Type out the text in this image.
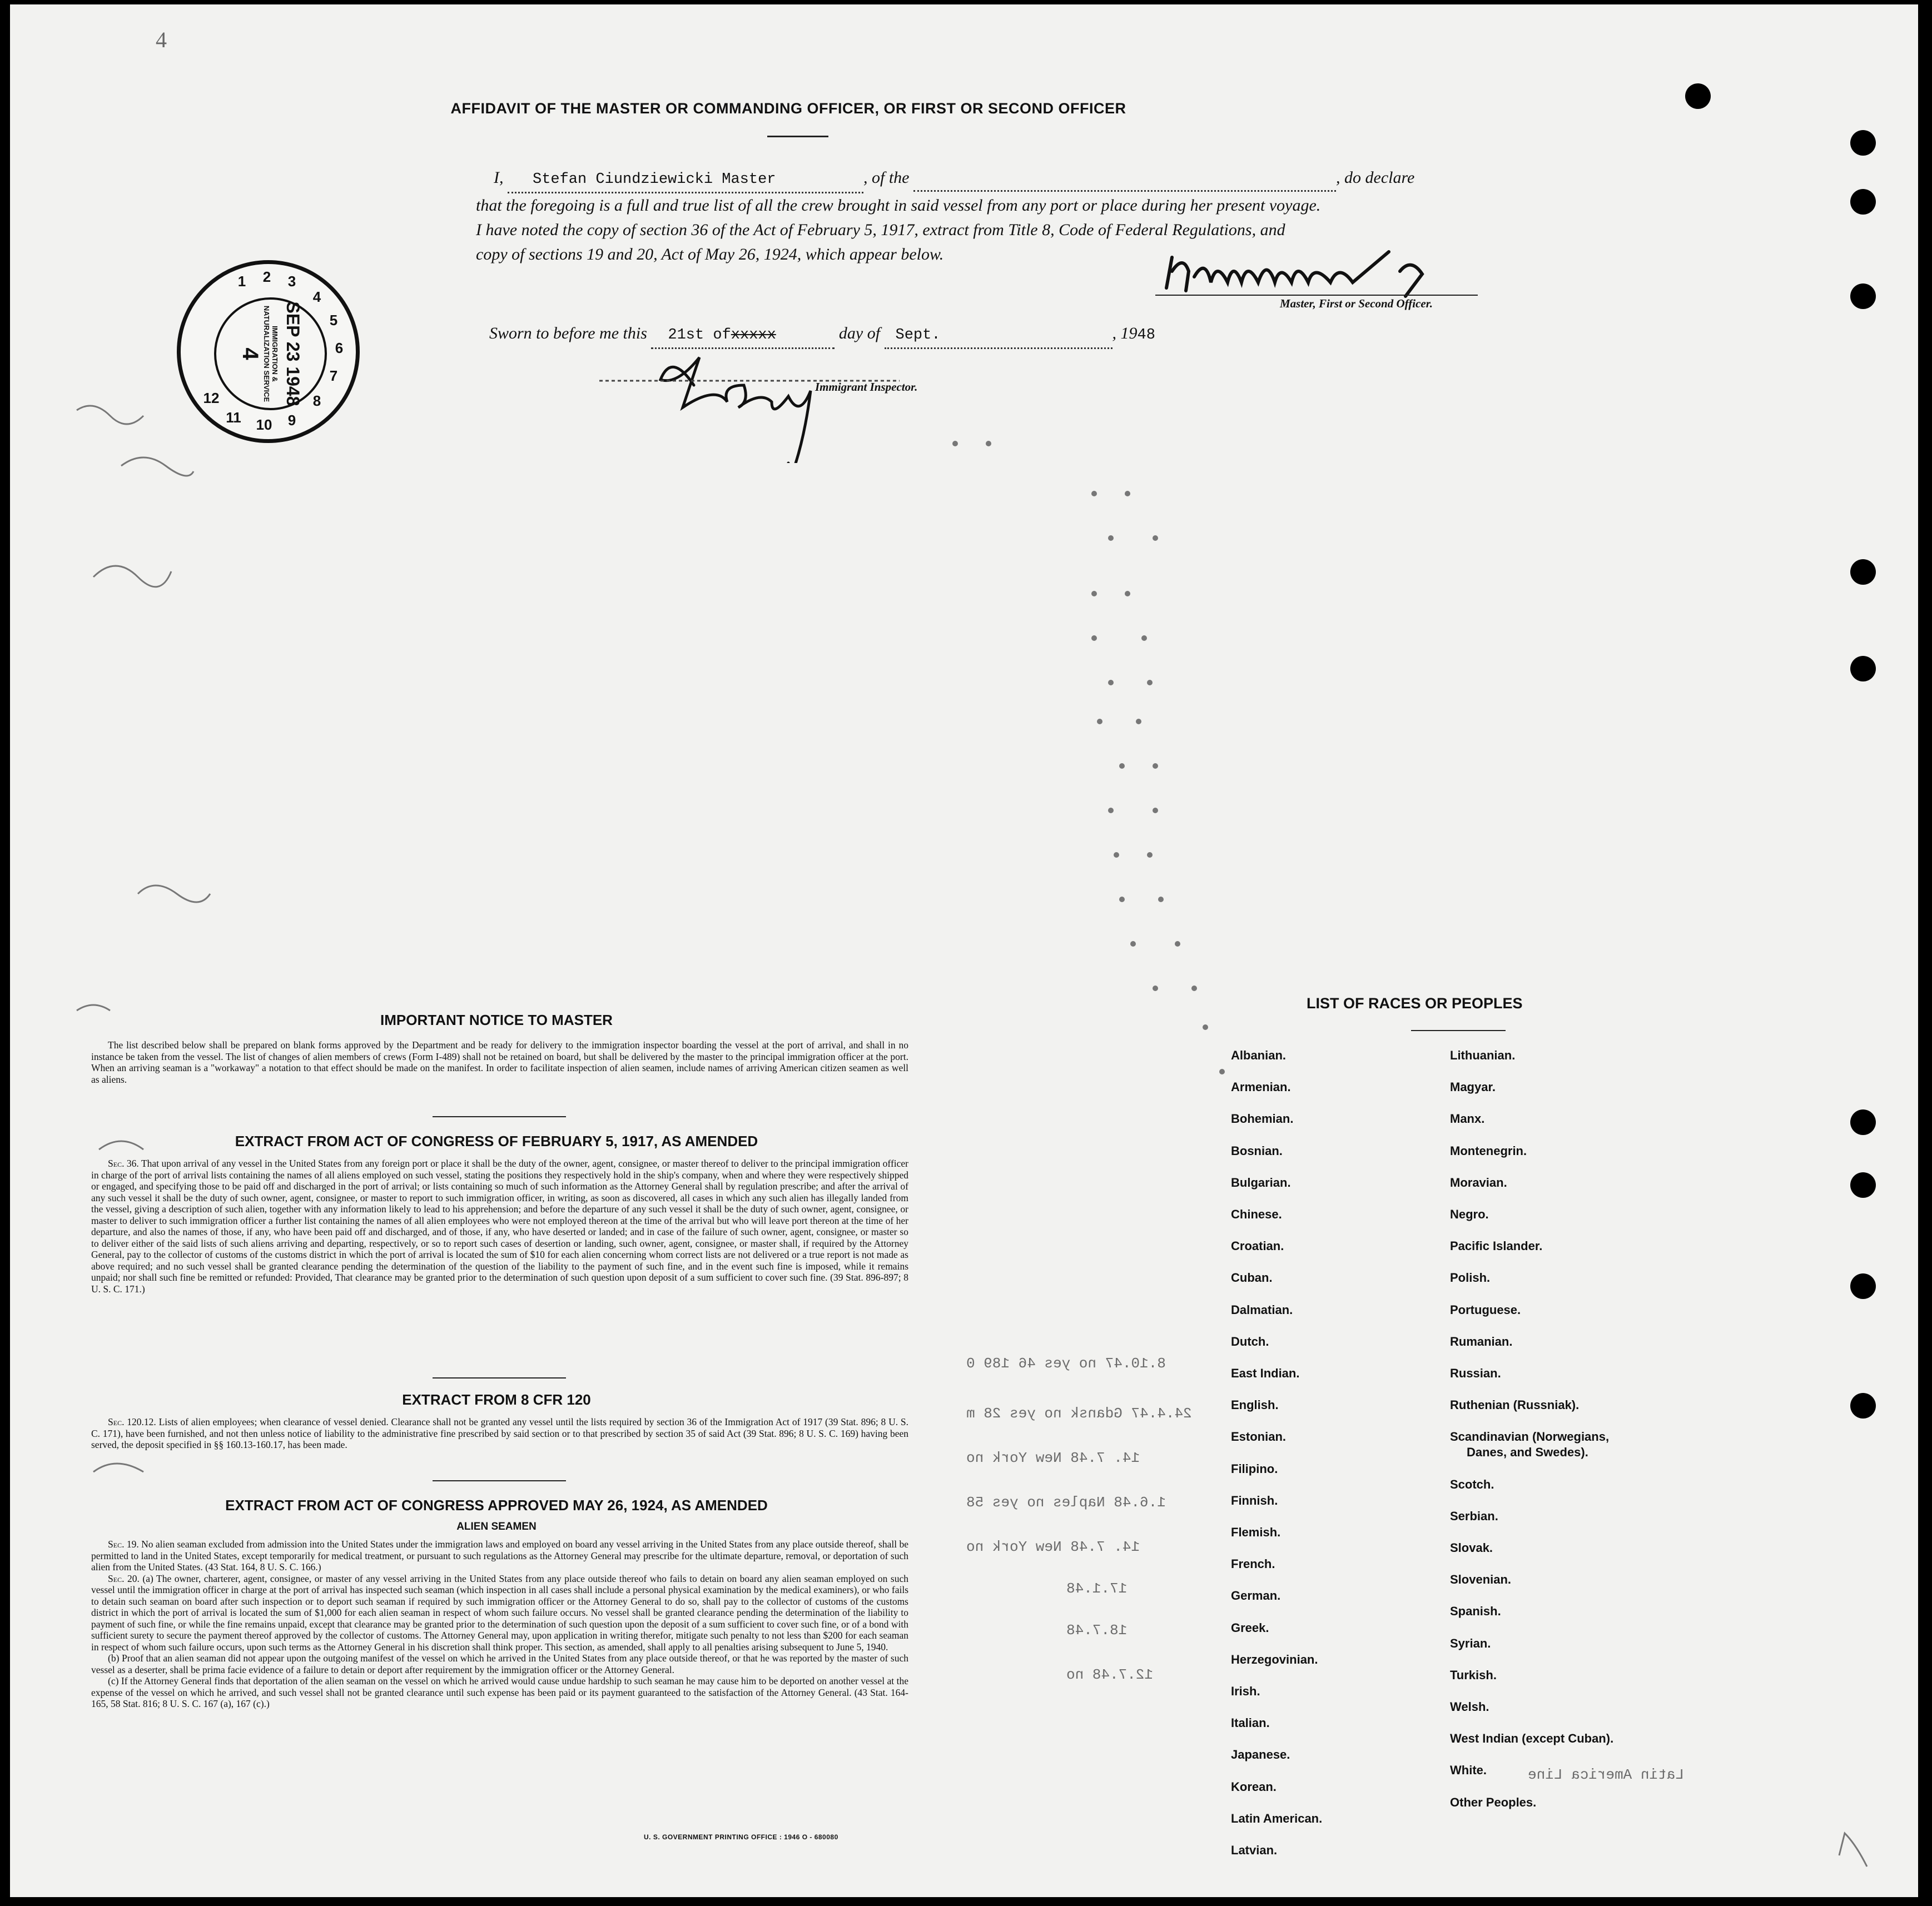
8.10.47 no yes 46 189 0
24.4.47 Gdansk no yes 28 m
14. 7.48 New York no
1.6.48 Naples no yes 58
14. 7.48 New York no
17.1.48
18.7.48
12.7.48 no
Latin America Line
AFFIDAVIT OF THE MASTER OR COMMANDING OFFICER, OR FIRST OR SECOND OFFICER
I, Stefan Ciundziewicki Master	, of the	, do declare
that the foregoing is a full and true list of all the crew brought in said vessel from any port or place during her present voyage.
I have noted the copy of section 36 of the Act of February 5, 1917, extract from Title 8, Code of Federal Regulations, and
copy of sections 19 and 20, Act of May 26, 1924, which appear below.
Master, First or Second Officer.
Sworn to before me this 21st ofxxxxx	day of Sept.	, 1948
Immigrant Inspector.
1 2 3
4
5
6
7
8
9
10
11
12	SEP 23 1948
IMMIGRATION & NATURALIZATION SERVICE
4
IMPORTANT NOTICE TO MASTER

The list described below shall be prepared on blank forms approved by the Department and be ready for delivery to the immigration inspector boarding the vessel at the port of arrival, and shall in no instance be taken from the vessel. The list of changes of alien members of crews (Form I-489) shall not be retained on board, but shall be delivered by the master to the principal immigration officer at the port. When an arriving seaman is a "workaway" a notation to that effect should be made on the manifest. In order to facilitate inspection of alien seamen, include names of arriving American citizen seamen as well as aliens.

EXTRACT FROM ACT OF CONGRESS OF FEBRUARY 5, 1917, AS AMENDED

Sec. 36. That upon arrival of any vessel in the United States from any foreign port or place it shall be the duty of the owner, agent, consignee, or master thereof to deliver to the principal immigration officer in charge of the port of arrival lists containing the names of all aliens employed on such vessel, stating the positions they respectively hold in the ship's company, when and where they were respectively shipped or engaged, and specifying those to be paid off and discharged in the port of arrival; or lists containing so much of such information as the Attorney General shall by regulation prescribe; and after the arrival of any such vessel it shall be the duty of such owner, agent, consignee, or master to report to such immigration officer, in writing, as soon as discovered, all cases in which any such alien has illegally landed from the vessel, giving a description of such alien, together with any information likely to lead to his apprehension; and before the departure of any such vessel it shall be the duty of such owner, agent, consignee, or master to deliver to such immigration officer a further list containing the names of all alien employees who were not employed thereon at the time of the arrival but who will leave port thereon at the time of her departure, and also the names of those, if any, who have been paid off and discharged, and of those, if any, who have deserted or landed; and in case of the failure of such owner, agent, consignee, or master so to deliver either of the said lists of such aliens arriving and departing, respectively, or so to report such cases of desertion or landing, such owner, agent, consignee, or master shall, if required by the Attorney General, pay to the collector of customs of the customs district in which the port of arrival is located the sum of $10 for each alien concerning whom correct lists are not delivered or a true report is not made as above required; and no such vessel shall be granted clearance pending the determination of the question of the liability to the payment of such fine, and in the event such fine is imposed, while it remains unpaid; nor shall such fine be remitted or refunded: Provided, That clearance may be granted prior to the determination of such question upon deposit of a sum sufficient to cover such fine. (39 Stat. 896-897; 8 U. S. C. 171.)

EXTRACT FROM 8 CFR 120

Sec. 120.12. Lists of alien employees; when clearance of vessel denied. Clearance shall not be granted any vessel until the lists required by section 36 of the Immigration Act of 1917 (39 Stat. 896; 8 U. S. C. 171), have been furnished, and not then unless notice of liability to the administrative fine prescribed by said section or to that prescribed by section 35 of said Act (39 Stat. 896; 8 U. S. C. 169) having been served, the deposit specified in §§ 160.13-160.17, has been made.

EXTRACT FROM ACT OF CONGRESS APPROVED MAY 26, 1924, AS AMENDED
ALIEN SEAMEN

Sec. 19. No alien seaman excluded from admission into the United States under the immigration laws and employed on board any vessel arriving in the United States from any place outside thereof, shall be permitted to land in the United States, except temporarily for medical treatment, or pursuant to such regulations as the Attorney General may prescribe for the ultimate departure, removal, or deportation of such alien from the United States. (43 Stat. 164, 8 U. S. C. 166.)

Sec. 20. (a) The owner, charterer, agent, consignee, or master of any vessel arriving in the United States from any place outside thereof who fails to detain on board any alien seaman employed on such vessel until the immigration officer in charge at the port of arrival has inspected such seaman (which inspection in all cases shall include a personal physical examination by the medical examiners), or who fails to detain such seaman on board after such inspection or to deport such seaman if required by such immigration officer or the Attorney General to do so, shall pay to the collector of customs of the customs district in which the port of arrival is located the sum of $1,000 for each alien seaman in respect of whom such failure occurs. No vessel shall be granted clearance pending the determination of the liability to payment of such fine, or while the fine remains unpaid, except that clearance may be granted prior to the determination of such question upon the deposit of a sum sufficient to cover such fine, or of a bond with sufficient surety to secure the payment thereof approved by the collector of customs. The Attorney General may, upon application in writing therefor, mitigate such penalty to not less than $200 for each seaman in respect of whom such failure occurs, upon such terms as the Attorney General in his discretion shall think proper. This section, as amended, shall apply to all penalties arising subsequent to June 5, 1940.

(b) Proof that an alien seaman did not appear upon the outgoing manifest of the vessel on which he arrived in the United States from any place outside thereof, or that he was reported by the master of such vessel as a deserter, shall be prima facie evidence of a failure to detain or deport after requirement by the immigration officer or the Attorney General.

(c) If the Attorney General finds that deportation of the alien seaman on the vessel on which he arrived would cause undue hardship to such seaman he may cause him to be deported on another vessel at the expense of the vessel on which he arrived, and such vessel shall not be granted clearance until such expense has been paid or its payment guaranteed to the satisfaction of the Attorney General. (43 Stat. 164-165, 58 Stat. 816; 8 U. S. C. 167 (a), 167 (c).)

U. S. GOVERNMENT PRINTING OFFICE : 1946 O - 680080
LIST OF RACES OR PEOPLES
Albanian.
Armenian.
Bohemian.
Bosnian.
Bulgarian.
Chinese.
Croatian.
Cuban.
Dalmatian.
Dutch.
East Indian.
English.
Estonian.
Filipino.
Finnish.
Flemish.
French.
German.
Greek.
Herzegovinian.
Irish.
Italian.
Japanese.
Korean.
Latin American.
Latvian.
Lithuanian.
Magyar.
Manx.
Montenegrin.
Moravian.
Negro.
Pacific Islander.
Polish.
Portuguese.
Rumanian.
Russian.
Ruthenian (Russniak).
Scandinavian (Norwegians,
Danes, and Swedes).
Scotch.
Serbian.
Slovak.
Slovenian.
Spanish.
Syrian.
Turkish.
Welsh.
West Indian (except Cuban).
White.
Other Peoples.
4
